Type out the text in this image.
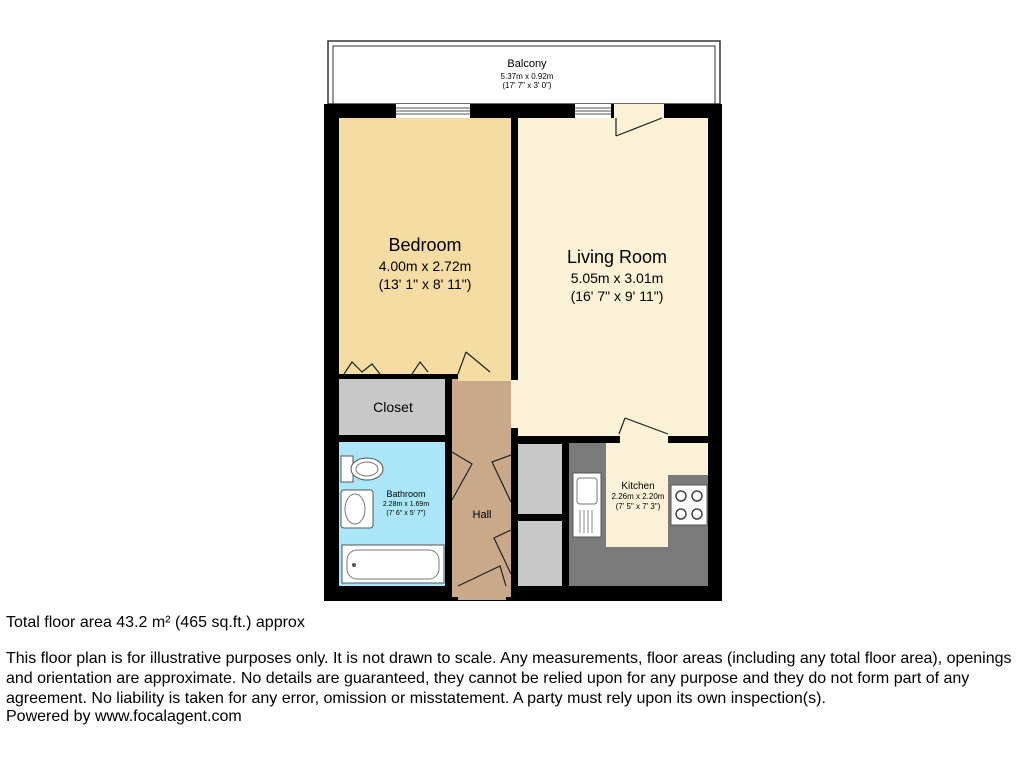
Balcony
5.37m x 0.92m
(17' 7" x 3' 0")
Bedroom
4.00m x 2.72m
(13' 1" x 8' 11")
Living Room
5.05m x 3.01m
(16' 7" x 9' 11")
Closet
Hall
Bathroom
2.28m x 1.69m
(7' 6" x 5' 7")
Kitchen
2.26m x 2.20m
(7' 5" x 7' 3")

Total floor area 43.2 m² (465 sq.ft.) approx

This floor plan is for illustrative purposes only. It is not drawn to scale. Any measurements, floor areas (including any total floor area), openings and orientation are approximate. No details are guaranteed, they cannot be relied upon for any purpose and they do not form part of any agreement. No liability is taken for any error, omission or misstatement. A party must rely upon its own inspection(s).

Powered by www.focalagent.com
